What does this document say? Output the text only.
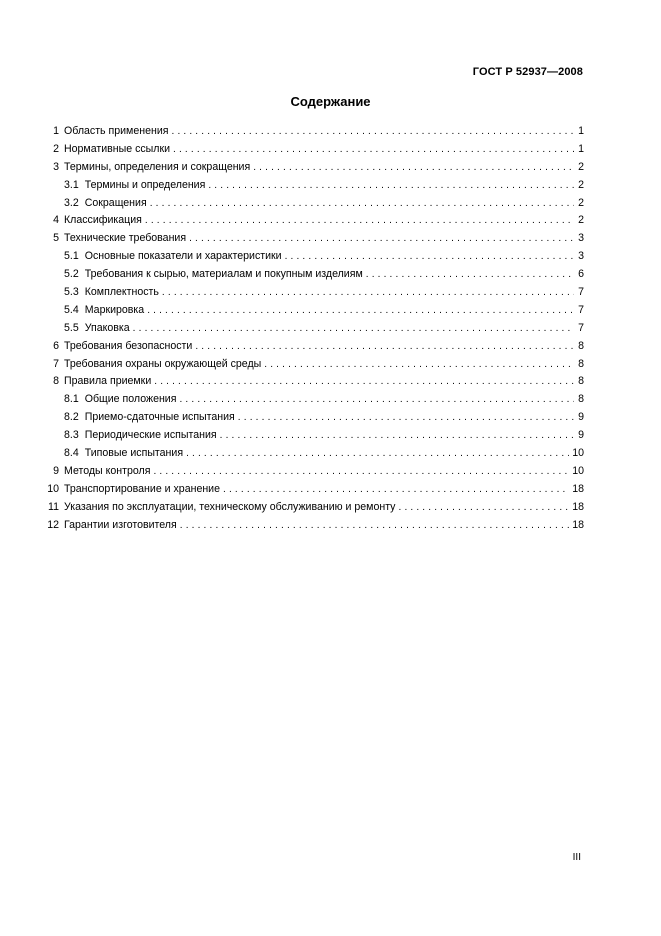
ГОСТ Р 52937—2008
Содержание
1 Область применения . . .	1
2 Нормативные ссылки . . .	1
3 Термины, определения и сокращения . . .	2
3.1 Термины и определения . . .	2
3.2 Сокращения . . .	2
4 Классификация . . .	2
5 Технические требования . . .	3
5.1 Основные показатели и характеристики . . .	3
5.2 Требования к сырью, материалам и покупным изделиям . . .	6
5.3 Комплектность . . .	7
5.4 Маркировка . . .	7
5.5 Упаковка . . .	7
6 Требования безопасности . . .	8
7 Требования охраны окружающей среды . . .	8
8 Правила приемки . . .	8
8.1 Общие положения . . .	8
8.2 Приемо-сдаточные испытания . . .	9
8.3 Периодические испытания . . .	9
8.4 Типовые испытания . . .	10
9 Методы контроля . . .	10
10 Транспортирование и хранение . . .	18
11 Указания по эксплуатации, техническому обслуживанию и ремонту . . .	18
12 Гарантии изготовителя . . .	18
III
